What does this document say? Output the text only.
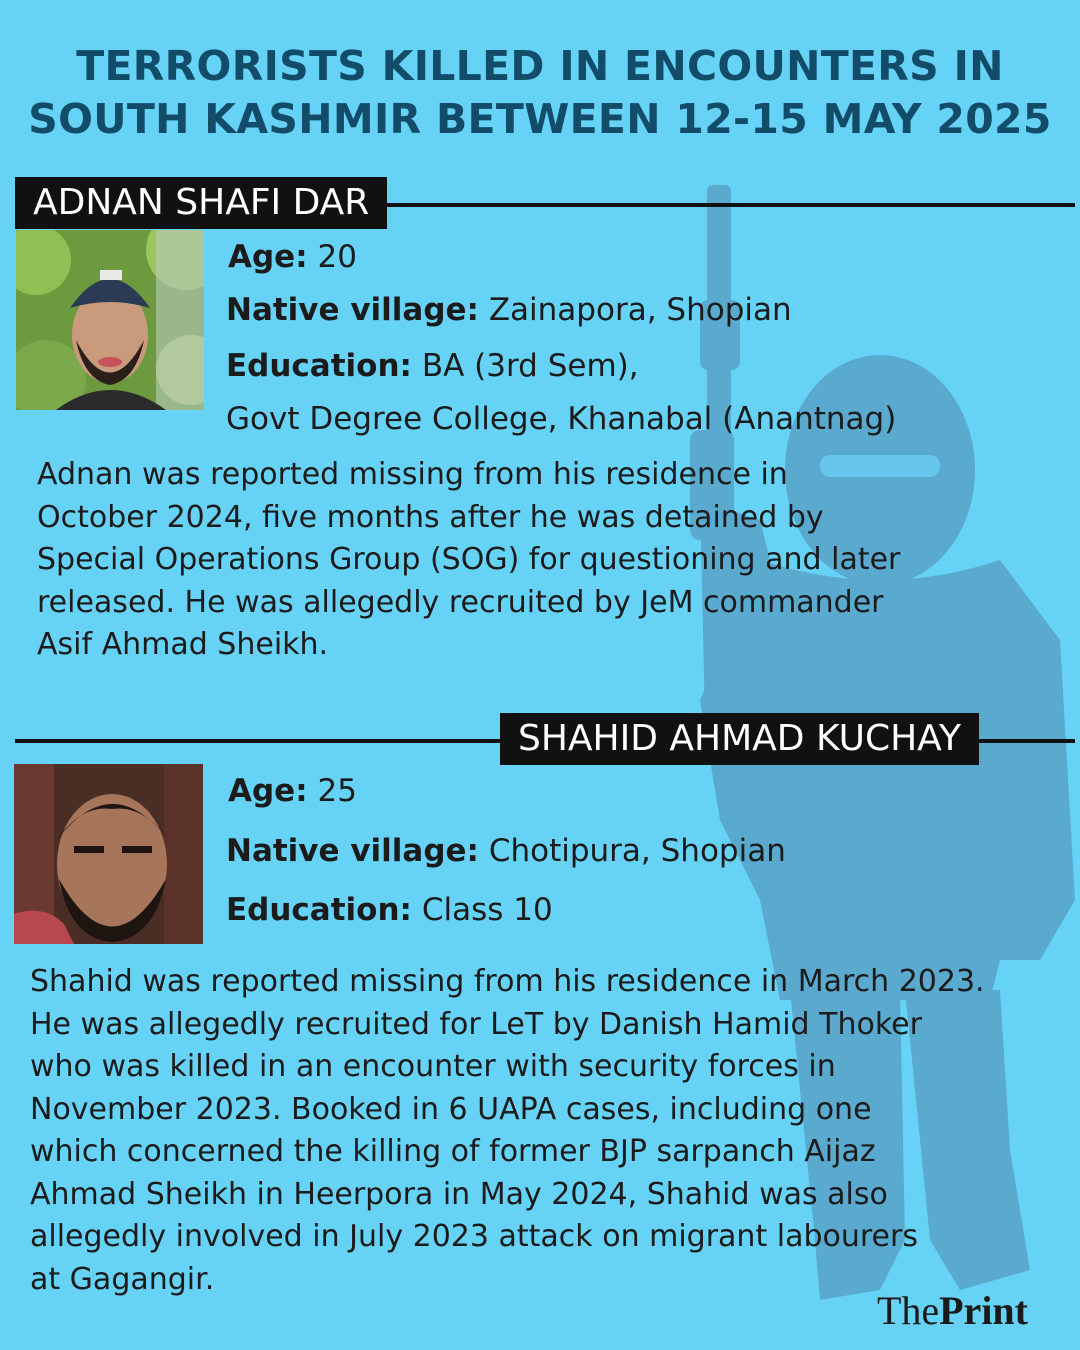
TERRORISTS KILLED IN ENCOUNTERS IN
SOUTH KASHMIR BETWEEN 12-15 MAY 2025
ADNAN SHAFI DAR
Age: 20
Native village: Zainapora, Shopian
Education: BA (3rd Sem),
Govt Degree College, Khanabal (Anantnag)
Adnan was reported missing from his residence in
October 2024, five months after he was detained by
Special Operations Group (SOG) for questioning and later
released. He was allegedly recruited by JeM commander
Asif Ahmad Sheikh.
SHAHID AHMAD KUCHAY
Age: 25
Native village: Chotipura, Shopian
Education: Class 10
Shahid was reported missing from his residence in March 2023.
He was allegedly recruited for LeT by Danish Hamid Thoker
who was killed in an encounter with security forces in
November 2023. Booked in 6 UAPA cases, including one
which concerned the killing of former BJP sarpanch Aijaz
Ahmad Sheikh in Heerpora in May 2024, Shahid was also
allegedly involved in July 2023 attack on migrant labourers
at Gagangir.
ThePrint
